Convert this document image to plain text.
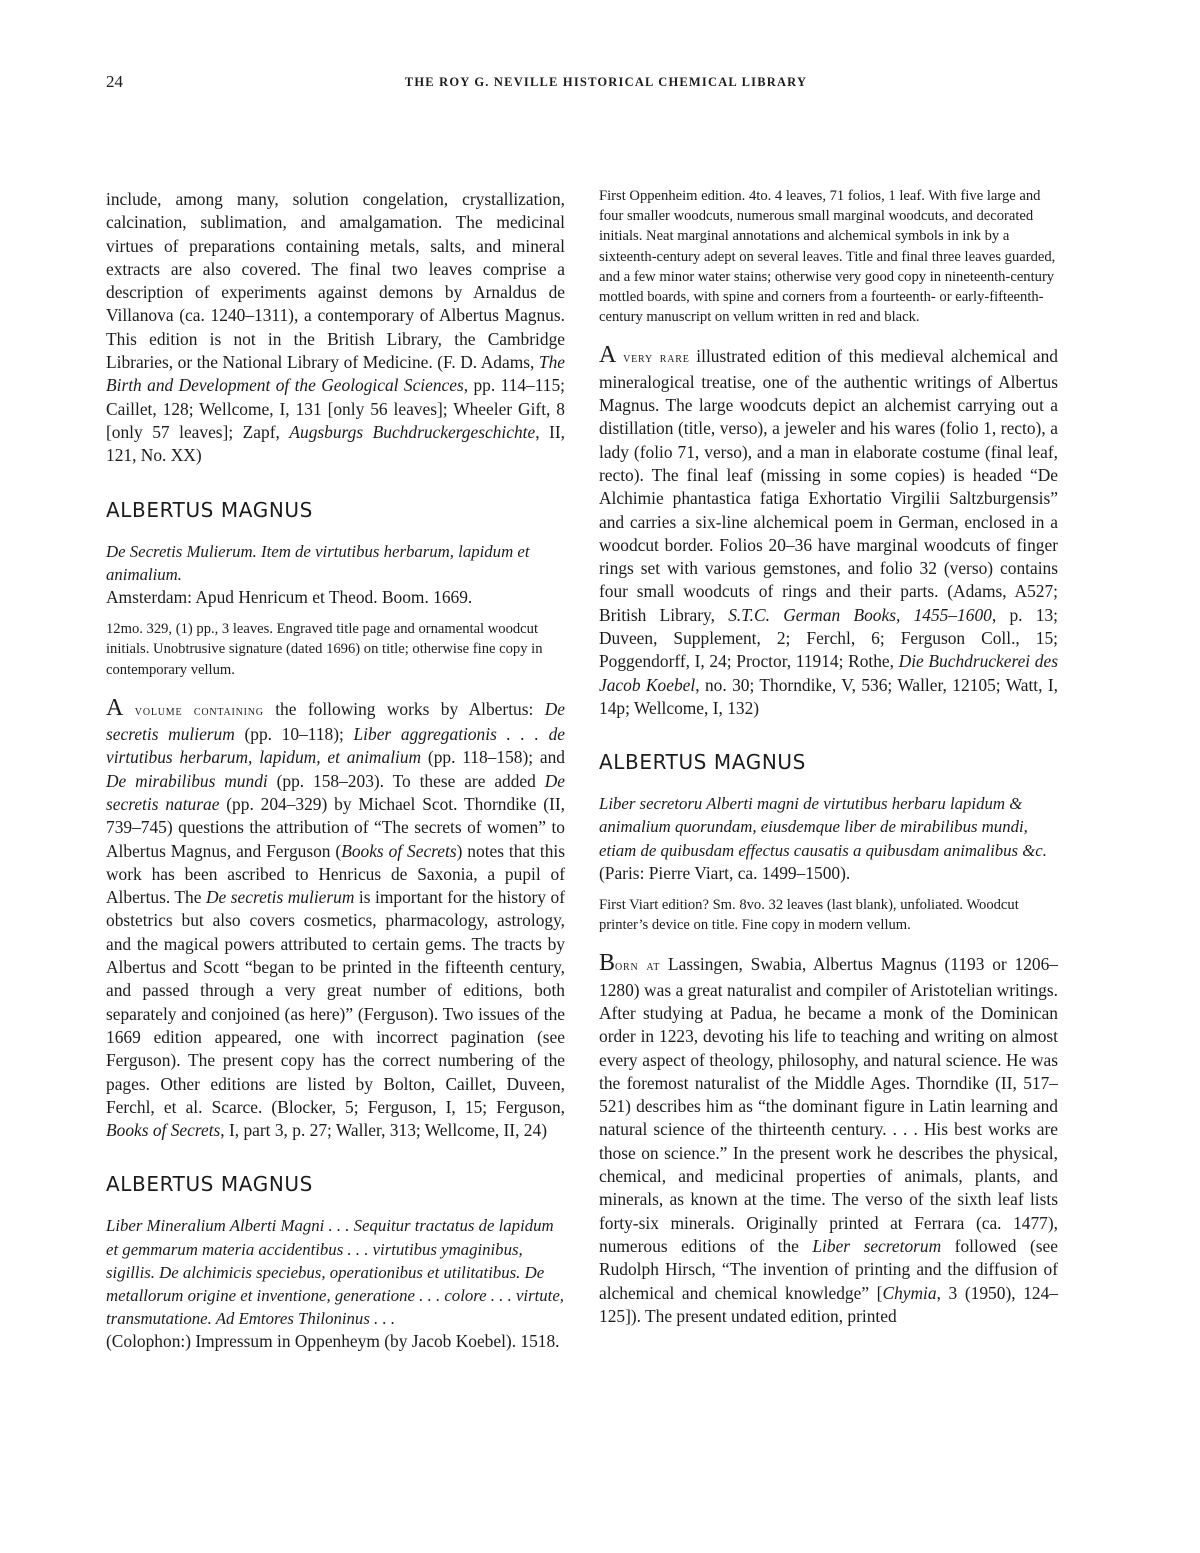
24	THE ROY G. NEVILLE HISTORICAL CHEMICAL LIBRARY

include, among many, solution congelation, crystallization, calcination, sublimation, and amalgamation. The medicinal virtues of preparations containing metals, salts, and mineral extracts are also covered. The final two leaves comprise a description of experiments against demons by Arnaldus de Villanova (ca. 1240–1311), a contemporary of Albertus Magnus. This edition is not in the British Library, the Cambridge Libraries, or the National Library of Medicine. (F. D. Adams, The Birth and Development of the Geological Sciences, pp. 114–115; Caillet, 128; Wellcome, I, 131 [only 56 leaves]; Wheeler Gift, 8 [only 57 leaves]; Zapf, Augsburgs Buchdruckergeschichte, II, 121, No. XX)

ALBERTUS MAGNUS

De Secretis Mulierum. Item de virtutibus herbarum, lapidum et animalium.

Amsterdam: Apud Henricum et Theod. Boom. 1669.

12mo. 329, (1) pp., 3 leaves. Engraved title page and ornamental woodcut initials. Unobtrusive signature (dated 1696) on title; otherwise fine copy in contemporary vellum.

A volume containing the following works by Albertus: De secretis mulierum (pp. 10–118); Liber aggregationis . . . de virtutibus herbarum, lapidum, et animalium (pp. 118–158); and De mirabilibus mundi (pp. 158–203). To these are added De secretis naturae (pp. 204–329) by Michael Scot. Thorndike (II, 739–745) questions the attribution of “The secrets of women” to Albertus Magnus, and Ferguson (Books of Secrets) notes that this work has been ascribed to Henricus de Saxonia, a pupil of Albertus. The De secretis mulierum is important for the history of obstetrics but also covers cosmetics, pharmacology, astrology, and the magical powers attributed to certain gems. The tracts by Albertus and Scott “began to be printed in the fifteenth century, and passed through a very great number of editions, both separately and conjoined (as here)” (Ferguson). Two issues of the 1669 edition appeared, one with incorrect pagination (see Ferguson). The present copy has the correct numbering of the pages. Other editions are listed by Bolton, Caillet, Duveen, Ferchl, et al. Scarce. (Blocker, 5; Ferguson, I, 15; Ferguson, Books of Secrets, I, part 3, p. 27; Waller, 313; Wellcome, II, 24)

ALBERTUS MAGNUS

Liber Mineralium Alberti Magni . . . Sequitur tractatus de lapidum et gemmarum materia accidentibus . . . virtutibus ymaginibus, sigillis. De alchimicis speciebus, operationibus et utilitatibus. De metallorum origine et inventione, generatione . . . colore . . . virtute, transmutatione. Ad Emtores Thiloninus . . .

(Colophon:) Impressum in Oppenheym (by Jacob Koebel). 1518.

First Oppenheim edition. 4to. 4 leaves, 71 folios, 1 leaf. With five large and four smaller woodcuts, numerous small marginal woodcuts, and decorated initials. Neat marginal annotations and alchemical symbols in ink by a sixteenth-century adept on several leaves. Title and final three leaves guarded, and a few minor water stains; otherwise very good copy in nineteenth-century mottled boards, with spine and corners from a fourteenth- or early-fifteenth-century manuscript on vellum written in red and black.

A very rare illustrated edition of this medieval alchemical and mineralogical treatise, one of the authentic writings of Albertus Magnus. The large woodcuts depict an alchemist carrying out a distillation (title, verso), a jeweler and his wares (folio 1, recto), a lady (folio 71, verso), and a man in elaborate costume (final leaf, recto). The final leaf (missing in some copies) is headed “De Alchimie phantastica fatiga Exhortatio Virgilii Saltzburgensis” and carries a six-line alchemical poem in German, enclosed in a woodcut border. Folios 20–36 have marginal woodcuts of finger rings set with various gemstones, and folio 32 (verso) contains four small woodcuts of rings and their parts. (Adams, A527; British Library, S.T.C. German Books, 1455–1600, p. 13; Duveen, Supplement, 2; Ferchl, 6; Ferguson Coll., 15; Poggendorff, I, 24; Proctor, 11914; Rothe, Die Buchdruckerei des Jacob Koebel, no. 30; Thorndike, V, 536; Waller, 12105; Watt, I, 14p; Wellcome, I, 132)

ALBERTUS MAGNUS

Liber secretoru Alberti magni de virtutibus herbaru lapidum & animalium quorundam, eiusdemque liber de mirabilibus mundi, etiam de quibusdam effectus causatis a quibusdam animalibus &c.

(Paris: Pierre Viart, ca. 1499–1500).

First Viart edition? Sm. 8vo. 32 leaves (last blank), unfoliated. Woodcut printer’s device on title. Fine copy in modern vellum.

Born at Lassingen, Swabia, Albertus Magnus (1193 or 1206–1280) was a great naturalist and compiler of Aristotelian writings. After studying at Padua, he became a monk of the Dominican order in 1223, devoting his life to teaching and writing on almost every aspect of theology, philosophy, and natural science. He was the foremost naturalist of the Middle Ages. Thorndike (II, 517–521) describes him as “the dominant figure in Latin learning and natural science of the thirteenth century. . . . His best works are those on science.” In the present work he describes the physical, chemical, and medicinal properties of animals, plants, and minerals, as known at the time. The verso of the sixth leaf lists forty-six minerals. Originally printed at Ferrara (ca. 1477), numerous editions of the Liber secretorum followed (see Rudolph Hirsch, “The invention of printing and the diffusion of alchemical and chemical knowledge” [Chymia, 3 (1950), 124–125]). The present undated edition, printed
